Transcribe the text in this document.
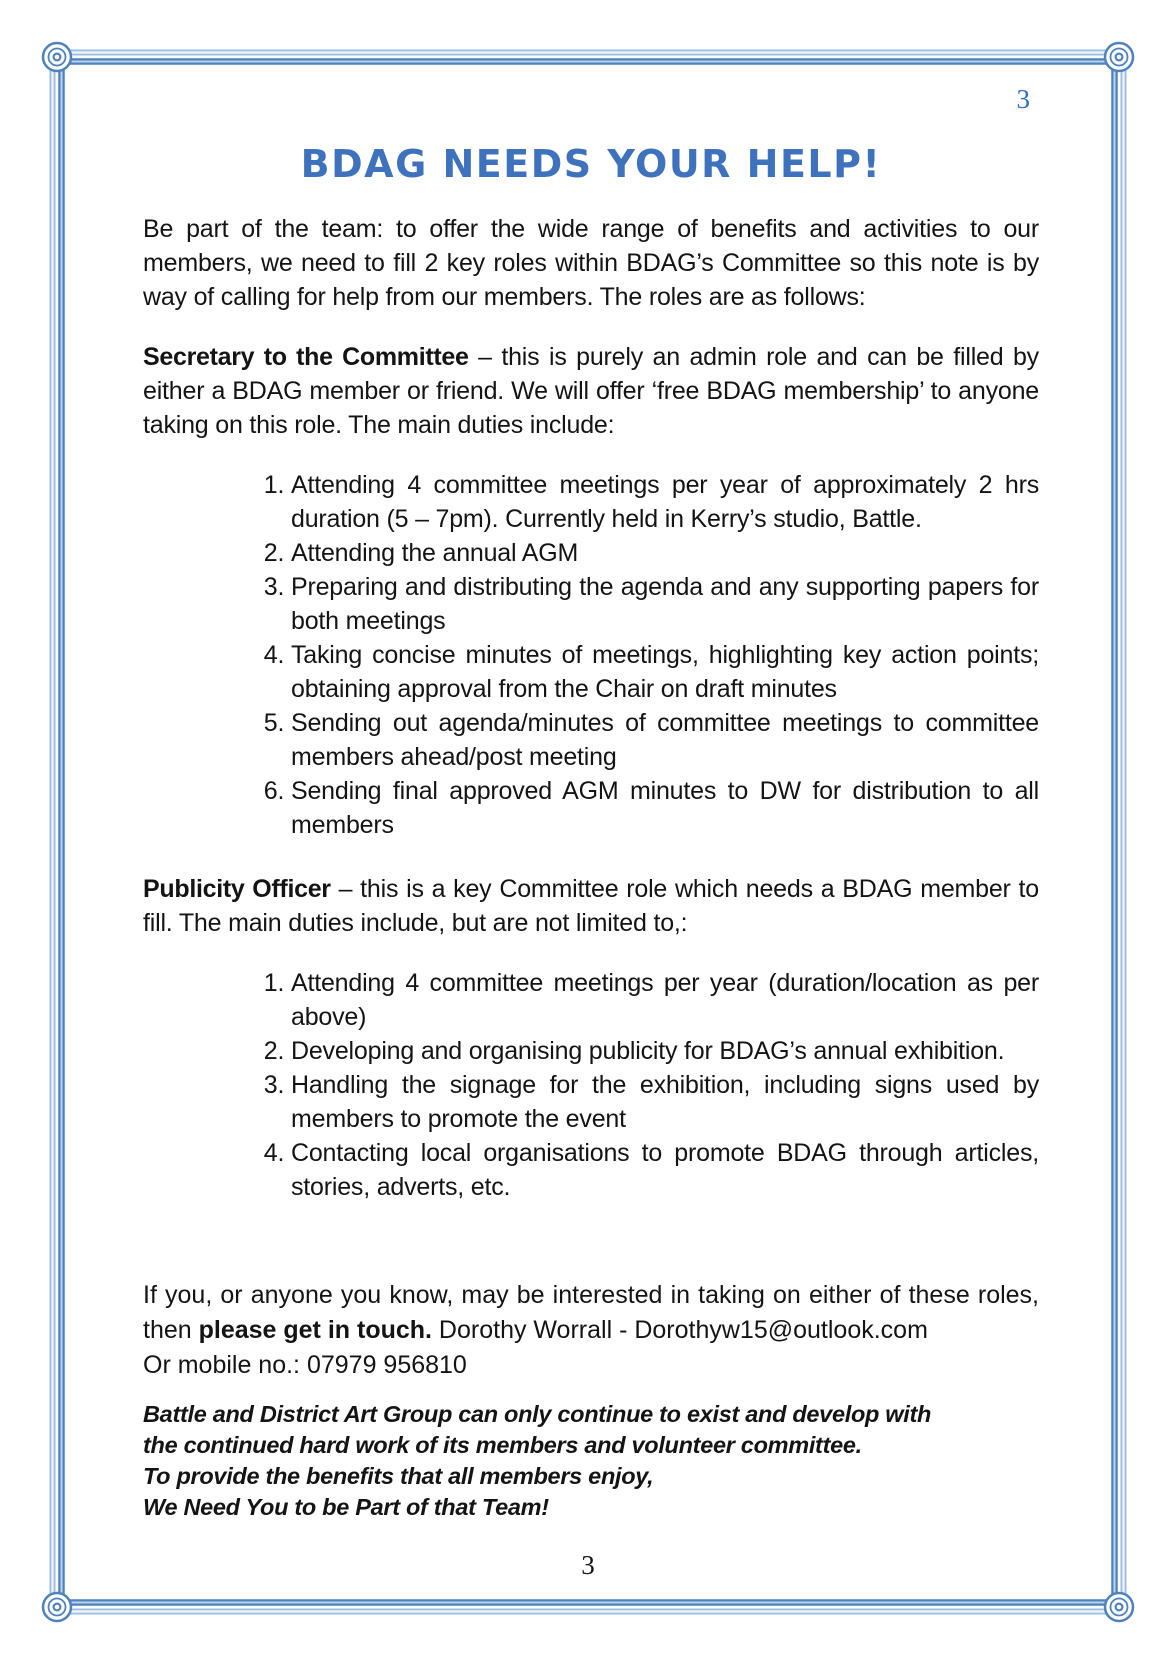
3
BDAG NEEDS YOUR HELP!

Be part of the team: to offer the wide range of benefits and activities to our members, we need to fill 2 key roles within BDAG’s Committee so this note is by way of calling for help from our members. The roles are as follows:

Secretary to the Committee – this is purely an admin role and can be filled by either a BDAG member or friend. We will offer ‘free BDAG membership’ to anyone taking on this role. The main duties include:

1. Attending 4 committee meetings per year of approximately 2 hrs duration (5 – 7pm). Currently held in Kerry’s studio, Battle.
2. Attending the annual AGM
3. Preparing and distributing the agenda and any supporting papers for both meetings
4. Taking concise minutes of meetings, highlighting key action points; obtaining approval from the Chair on draft minutes
5. Sending out agenda/minutes of committee meetings to committee members ahead/post meeting
6. Sending final approved AGM minutes to DW for distribution to all members

Publicity Officer – this is a key Committee role which needs a BDAG member to fill. The main duties include, but are not limited to,:

1. Attending 4 committee meetings per year (duration/location as per above)
2. Developing and organising publicity for BDAG’s annual exhibition.
3. Handling the signage for the exhibition, including signs used by members to promote the event
4. Contacting local organisations to promote BDAG through articles, stories, adverts, etc.

If you, or anyone you know, may be interested in taking on either of these roles, then please get in touch. Dorothy Worrall - Dorothyw15@outlook.com

Or mobile no.: 07979 956810
Battle and District Art Group can only continue to exist and develop with
the continued hard work of its members and volunteer committee.
To provide the benefits that all members enjoy,
We Need You to be Part of that Team!
3
